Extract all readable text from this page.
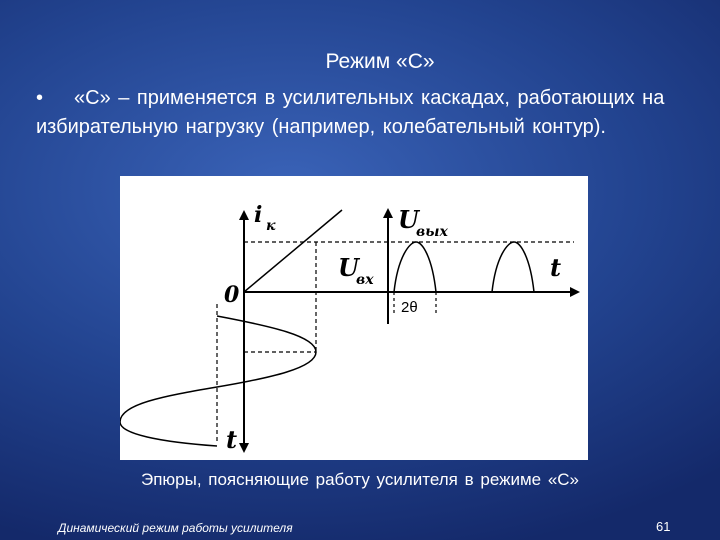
Режим «С»
• «С» – применяется в усилительных каскадах, работающих на избирательную нагрузку (например, колебательный контур).
i к	U
вых
U
вх	t
t
0	2θ
Эпюры, поясняющие работу усилителя в режиме «С»
Динамический режим работы усилителя	61
